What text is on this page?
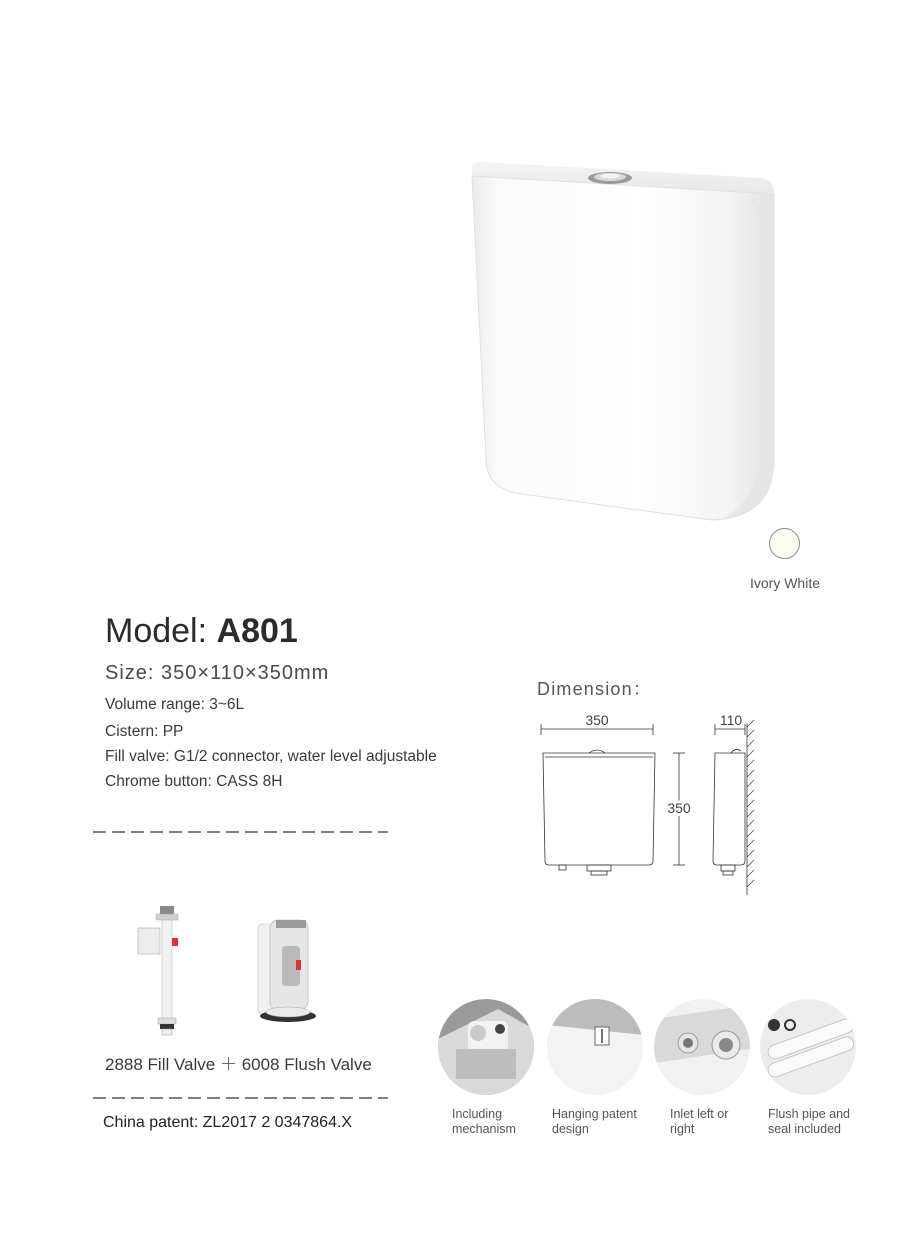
Ivory White
Model: A801
Size: 350×110×350mm
Volume range: 3~6L
Cistern: PP
Fill valve: G1/2 connector, water level adjustable
Chrome button: CASS 8H
Dimension：
350	110
350
2888 Fill Valve ＋ 6008 Flush Valve
China patent: ZL2017 2 0347864.X	Including
mechanism
Hanging patent
design
Inlet left or
right
Flush pipe and
seal included
